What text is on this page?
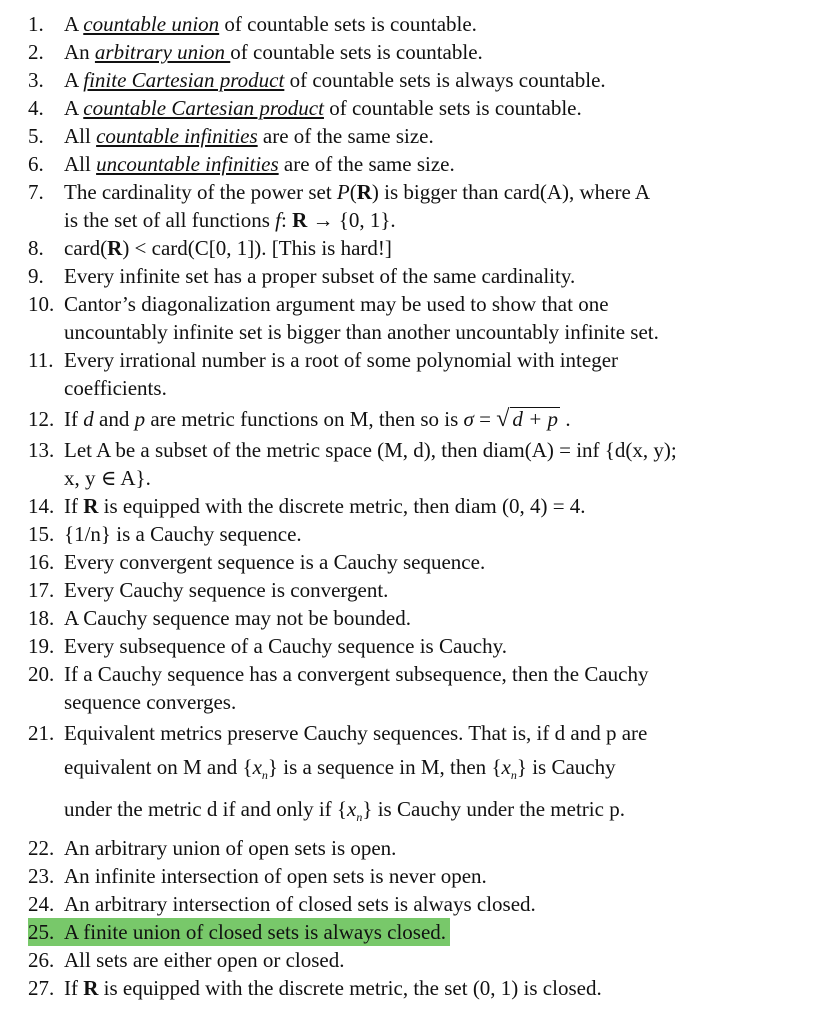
1. A countable union of countable sets is countable.
2. An arbitrary union of countable sets is countable.
3. A finite Cartesian product of countable sets is always countable.
4. A countable Cartesian product of countable sets is countable.
5. All countable infinities are of the same size.
6. All uncountable infinities are of the same size.
7. The cardinality of the power set P(R) is bigger than card(A), where A
is the set of all functions f: R → {0, 1}.
8. card(R) < card(C[0, 1]). [This is hard!]
9. Every infinite set has a proper subset of the same cardinality.
10. Cantor’s diagonalization argument may be used to show that one
uncountably infinite set is bigger than another uncountably infinite set.
11. Every irrational number is a root of some polynomial with integer
coefficients.
12. If d and p are metric functions on M, then so is σ = √ d + p .
13. Let A be a subset of the metric space (M, d), then diam(A) = inf {d(x, y);
x, y ∈ A}.
14. If R is equipped with the discrete metric, then diam (0, 4) = 4.
15. {1/n} is a Cauchy sequence.
16. Every convergent sequence is a Cauchy sequence.
17. Every Cauchy sequence is convergent.
18. A Cauchy sequence may not be bounded.
19. Every subsequence of a Cauchy sequence is Cauchy.
20. If a Cauchy sequence has a convergent subsequence, then the Cauchy
sequence converges.
21. Equivalent metrics preserve Cauchy sequences. That is, if d and p are
equivalent on M and $\{x_n\}$ is a sequence in M, then $\{x_n\}$ is Cauchy
under the metric d if and only if $\{x_n\}$ is Cauchy under the metric p.
22. An arbitrary union of open sets is open.
23. An infinite intersection of open sets is never open.
24. An arbitrary intersection of closed sets is always closed.
25. A finite union of closed sets is always closed.
26. All sets are either open or closed.
27. If R is equipped with the discrete metric, the set (0, 1) is closed.
